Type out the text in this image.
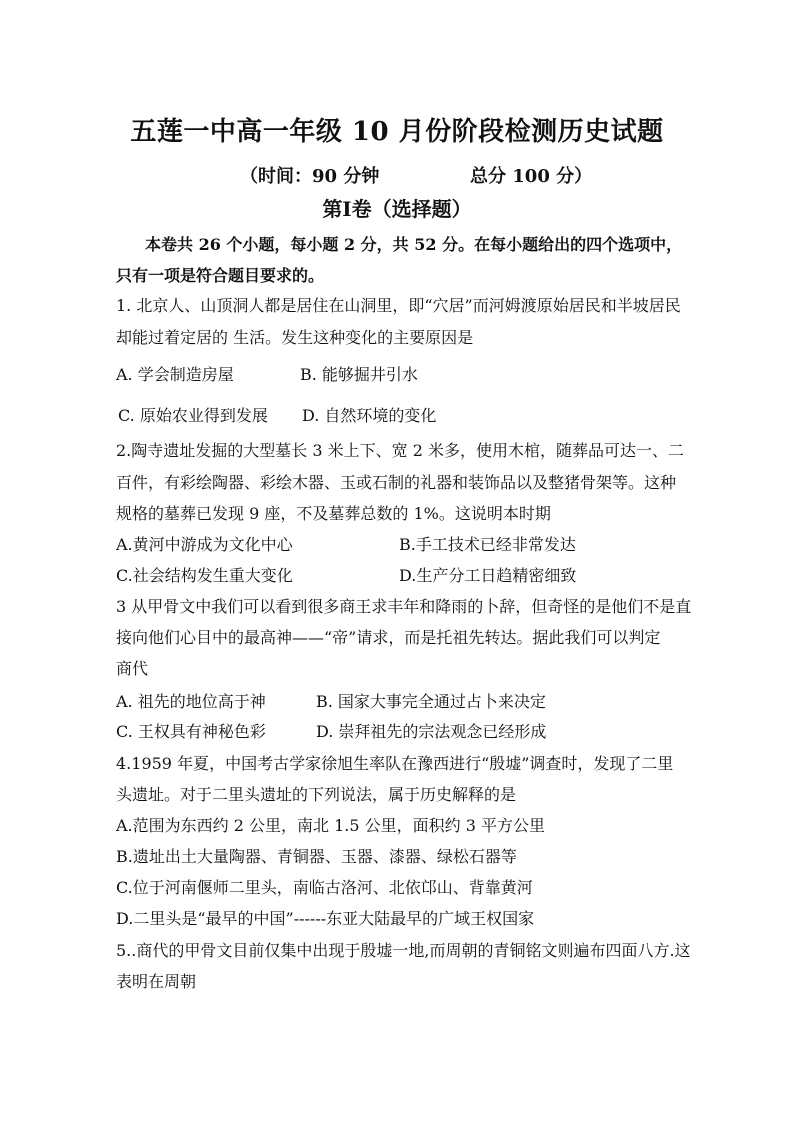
五莲一中高一年级 10 月份阶段检测历史试题
（时间：90 分钟	总分 100 分）
第Ⅰ卷（选择题）
本卷共 26 个小题，每小题 2 分，共 52 分。在每小题给出的四个选项中，
只有一项是符合题目要求的。
1. 北京人、山顶洞人都是居住在山洞里，即“穴居”而河姆渡原始居民和半坡居民
却能过着定居的 生活。发生这种变化的主要原因是
A. 学会制造房屋	B. 能够掘井引水
C. 原始农业得到发展 D. 自然环境的变化
2.陶寺遗址发掘的大型墓长 3 米上下、宽 2 米多，使用木棺，随葬品可达一、二
百件，有彩绘陶器、彩绘木器、玉或石制的礼器和装饰品以及整猪骨架等。这种
规格的墓葬已发现 9 座，不及墓葬总数的 1%。这说明本时期
A.黄河中游成为文化中心	B.手工技术已经非常发达
C.社会结构发生重大变化	D.生产分工日趋精密细致
3 从甲骨文中我们可以看到很多商王求丰年和降雨的卜辞，但奇怪的是他们不是直
接向他们心目中的最高神——“帝”请求，而是托祖先转达。据此我们可以判定
商代
A. 祖先的地位高于神	B. 国家大事完全通过占卜来决定
C. 王权具有神秘色彩	D. 崇拜祖先的宗法观念已经形成
4.1959 年夏，中国考古学家徐旭生率队在豫西进行“殷墟”调查时，发现了二里
头遗址。对于二里头遗址的下列说法，属于历史解释的是
A.范围为东西约 2 公里，南北 1.5 公里，面积约 3 平方公里
B.遗址出土大量陶器、青铜器、玉器、漆器、绿松石器等
C.位于河南偃师二里头，南临古洛河、北依邙山、背靠黄河
D.二里头是“最早的中国”------东亚大陆最早的广域王权国家
5..商代的甲骨文目前仅集中出现于殷墟一地,而周朝的青铜铭文则遍布四面八方.这
表明在周朝
